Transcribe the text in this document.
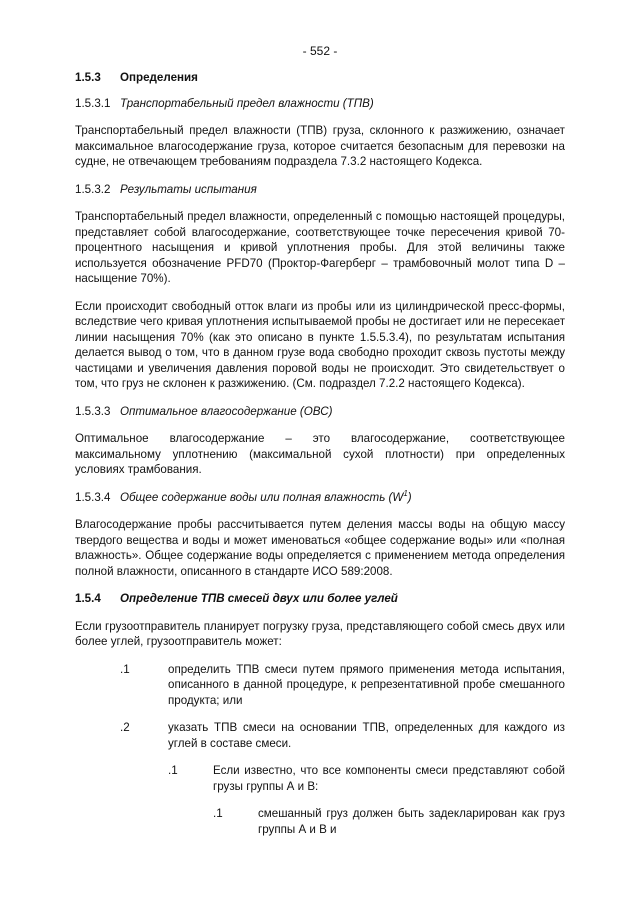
- 552 -
1.5.3	Определения
1.5.3.1 Транспортабельный предел влажности (ТПВ)

Транспортабельный предел влажности (ТПВ) груза, склонного к разжижению, означает максимальное влагосодержание груза, которое считается безопасным для перевозки на судне, не отвечающем требованиям подраздела 7.3.2 настоящего Кодекса.

1.5.3.2 Результаты испытания

Транспортабельный предел влажности, определенный с помощью настоящей процедуры, представляет собой влагосодержание, соответствующее точке пересечения кривой 70-процентного насыщения и кривой уплотнения пробы. Для этой величины также используется обозначение PFD70 (Проктор-Фагерберг – трамбовочный молот типа D – насыщение 70%).

Если происходит свободный отток влаги из пробы или из цилиндрической пресс-формы, вследствие чего кривая уплотнения испытываемой пробы не достигает или не пересекает линии насыщения 70% (как это описано в пункте 1.5.5.3.4), по результатам испытания делается вывод о том, что в данном грузе вода свободно проходит сквозь пустоты между частицами и увеличения давления поровой воды не происходит. Это свидетельствует о том, что груз не склонен к разжижению. (См. подраздел 7.2.2 настоящего Кодекса).

1.5.3.3 Оптимальное влагосодержание (ОВС)

Оптимальное влагосодержание – это влагосодержание, соответствующее максимальному уплотнению (максимальной сухой плотности) при определенных условиях трамбования.

1.5.3.4 Общее содержание воды или полная влажность $(W^1)$

Влагосодержание пробы рассчитывается путем деления массы воды на общую массу твердого вещества и воды и может именоваться «общее содержание воды» или «полная влажность». Общее содержание воды определяется с применением метода определения полной влажности, описанного в стандарте ИСО 589:2008.

1.5.4	Определение ТПВ смесей двух или более углей

Если грузоотправитель планирует погрузку груза, представляющего собой смесь двух или более углей, грузоотправитель может:

.1	определить ТПВ смеси путем прямого применения метода испытания, описанного в данной процедуре, к репрезентативной пробе смешанного продукта; или
.2	указать ТПВ смеси на основании ТПВ, определенных для каждого из углей в составе смеси.
.1	Если известно, что все компоненты смеси представляют собой грузы группы А и В:
.1	смешанный груз должен быть задекларирован как груз группы А и В и
